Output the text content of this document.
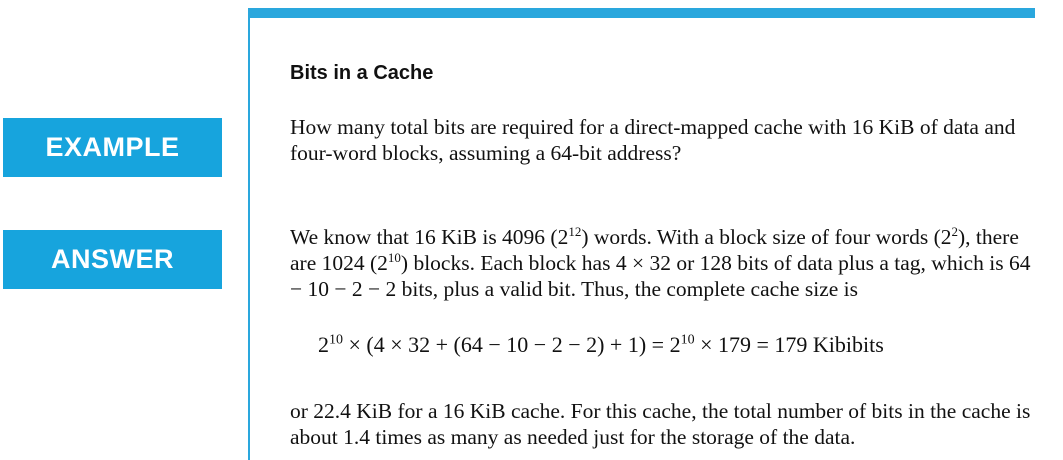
EXAMPLE
ANSWER
Bits in a Cache
How many total bits are required for a direct-mapped cache with 16 KiB of data and four-word blocks, assuming a 64-bit address?
We know that 16 KiB is 4096 $(2^{12})$ words. With a block size of four words $(2^2)$, there are 1024 $(2^{10})$ blocks. Each block has 4 × 32 or 128 bits of data plus a tag, which is 64 − 10 − 2 − 2 bits, plus a valid bit. Thus, the complete cache size is
$2^{10} \times (4 \times 32 + (64 - 10 - 2 - 2) + 1) = 2^{10} \times 179 = 179$ Kibibits
or 22.4 KiB for a 16 KiB cache. For this cache, the total number of bits in the cache is about 1.4 times as many as needed just for the storage of the data.
